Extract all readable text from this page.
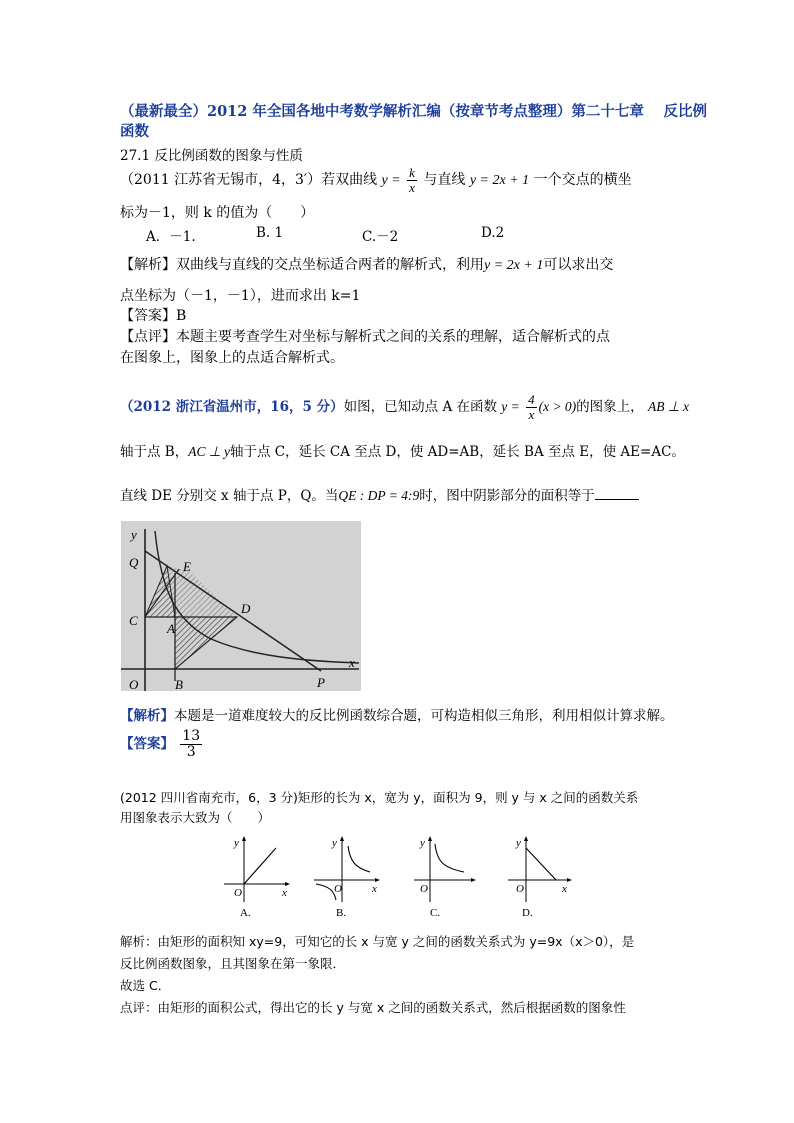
（最新最全）2012 年全国各地中考数学解析汇编（按章节考点整理）第二十七章　 反比例
函数
27.1 反比例函数的图象与性质
（2011 江苏省无锡市，4，3′）若双曲线 $y = \frac{k}{x}$ 与直线 y = 2x + 1 一个交点的横坐
标为－1，则 k 的值为（　　）
A．－1.	B. 1	C.－2	D.2
【解析】双曲线与直线的交点坐标适合两者的解析式，利用y = 2x + 1可以求出交
点坐标为（－1，－1），进而求出 k=1
【答案】B
【点评】本题主要考查学生对坐标与解析式之间的关系的理解，适合解析式的点
在图象上，图象上的点适合解析式。
（2012 浙江省温州市，16，5 分）如图，已知动点 A 在函数 $y = \frac{4}{x} (x > 0)$的图象上， AB ⊥ x
轴于点 B，AC ⊥ y轴于点 C，延长 CA 至点 D，使 AD=AB，延长 BA 至点 E，使 AE=AC。
直线 DE 分别交 x 轴于点 P，Q。当QE : DP = 4:9时，图中阴影部分的面积等于
y
Q	E
D
C
A
O	B	P
x
【解析】本题是一道难度较大的反比例函数综合题，可构造相似三角形，利用相似计算求解。
【答案】 $\frac{13}{3}$
(2012 四川省南充市，6，3 分)矩形的长为 x，宽为 y，面积为 9，则 y 与 x 之间的函数关系
用图象表示大致为（　　）
y
x
O
A.
y
x
O
B.
y
O
C.
y
x
O
D.
解析：由矩形的面积知 xy=9，可知它的长 x 与宽 y 之间的函数关系式为 y=9x（x＞0），是
反比例函数图象，且其图象在第一象限．
故选 C．
点评：由矩形的面积公式，得出它的长 y 与宽 x 之间的函数关系式，然后根据函数的图象性
